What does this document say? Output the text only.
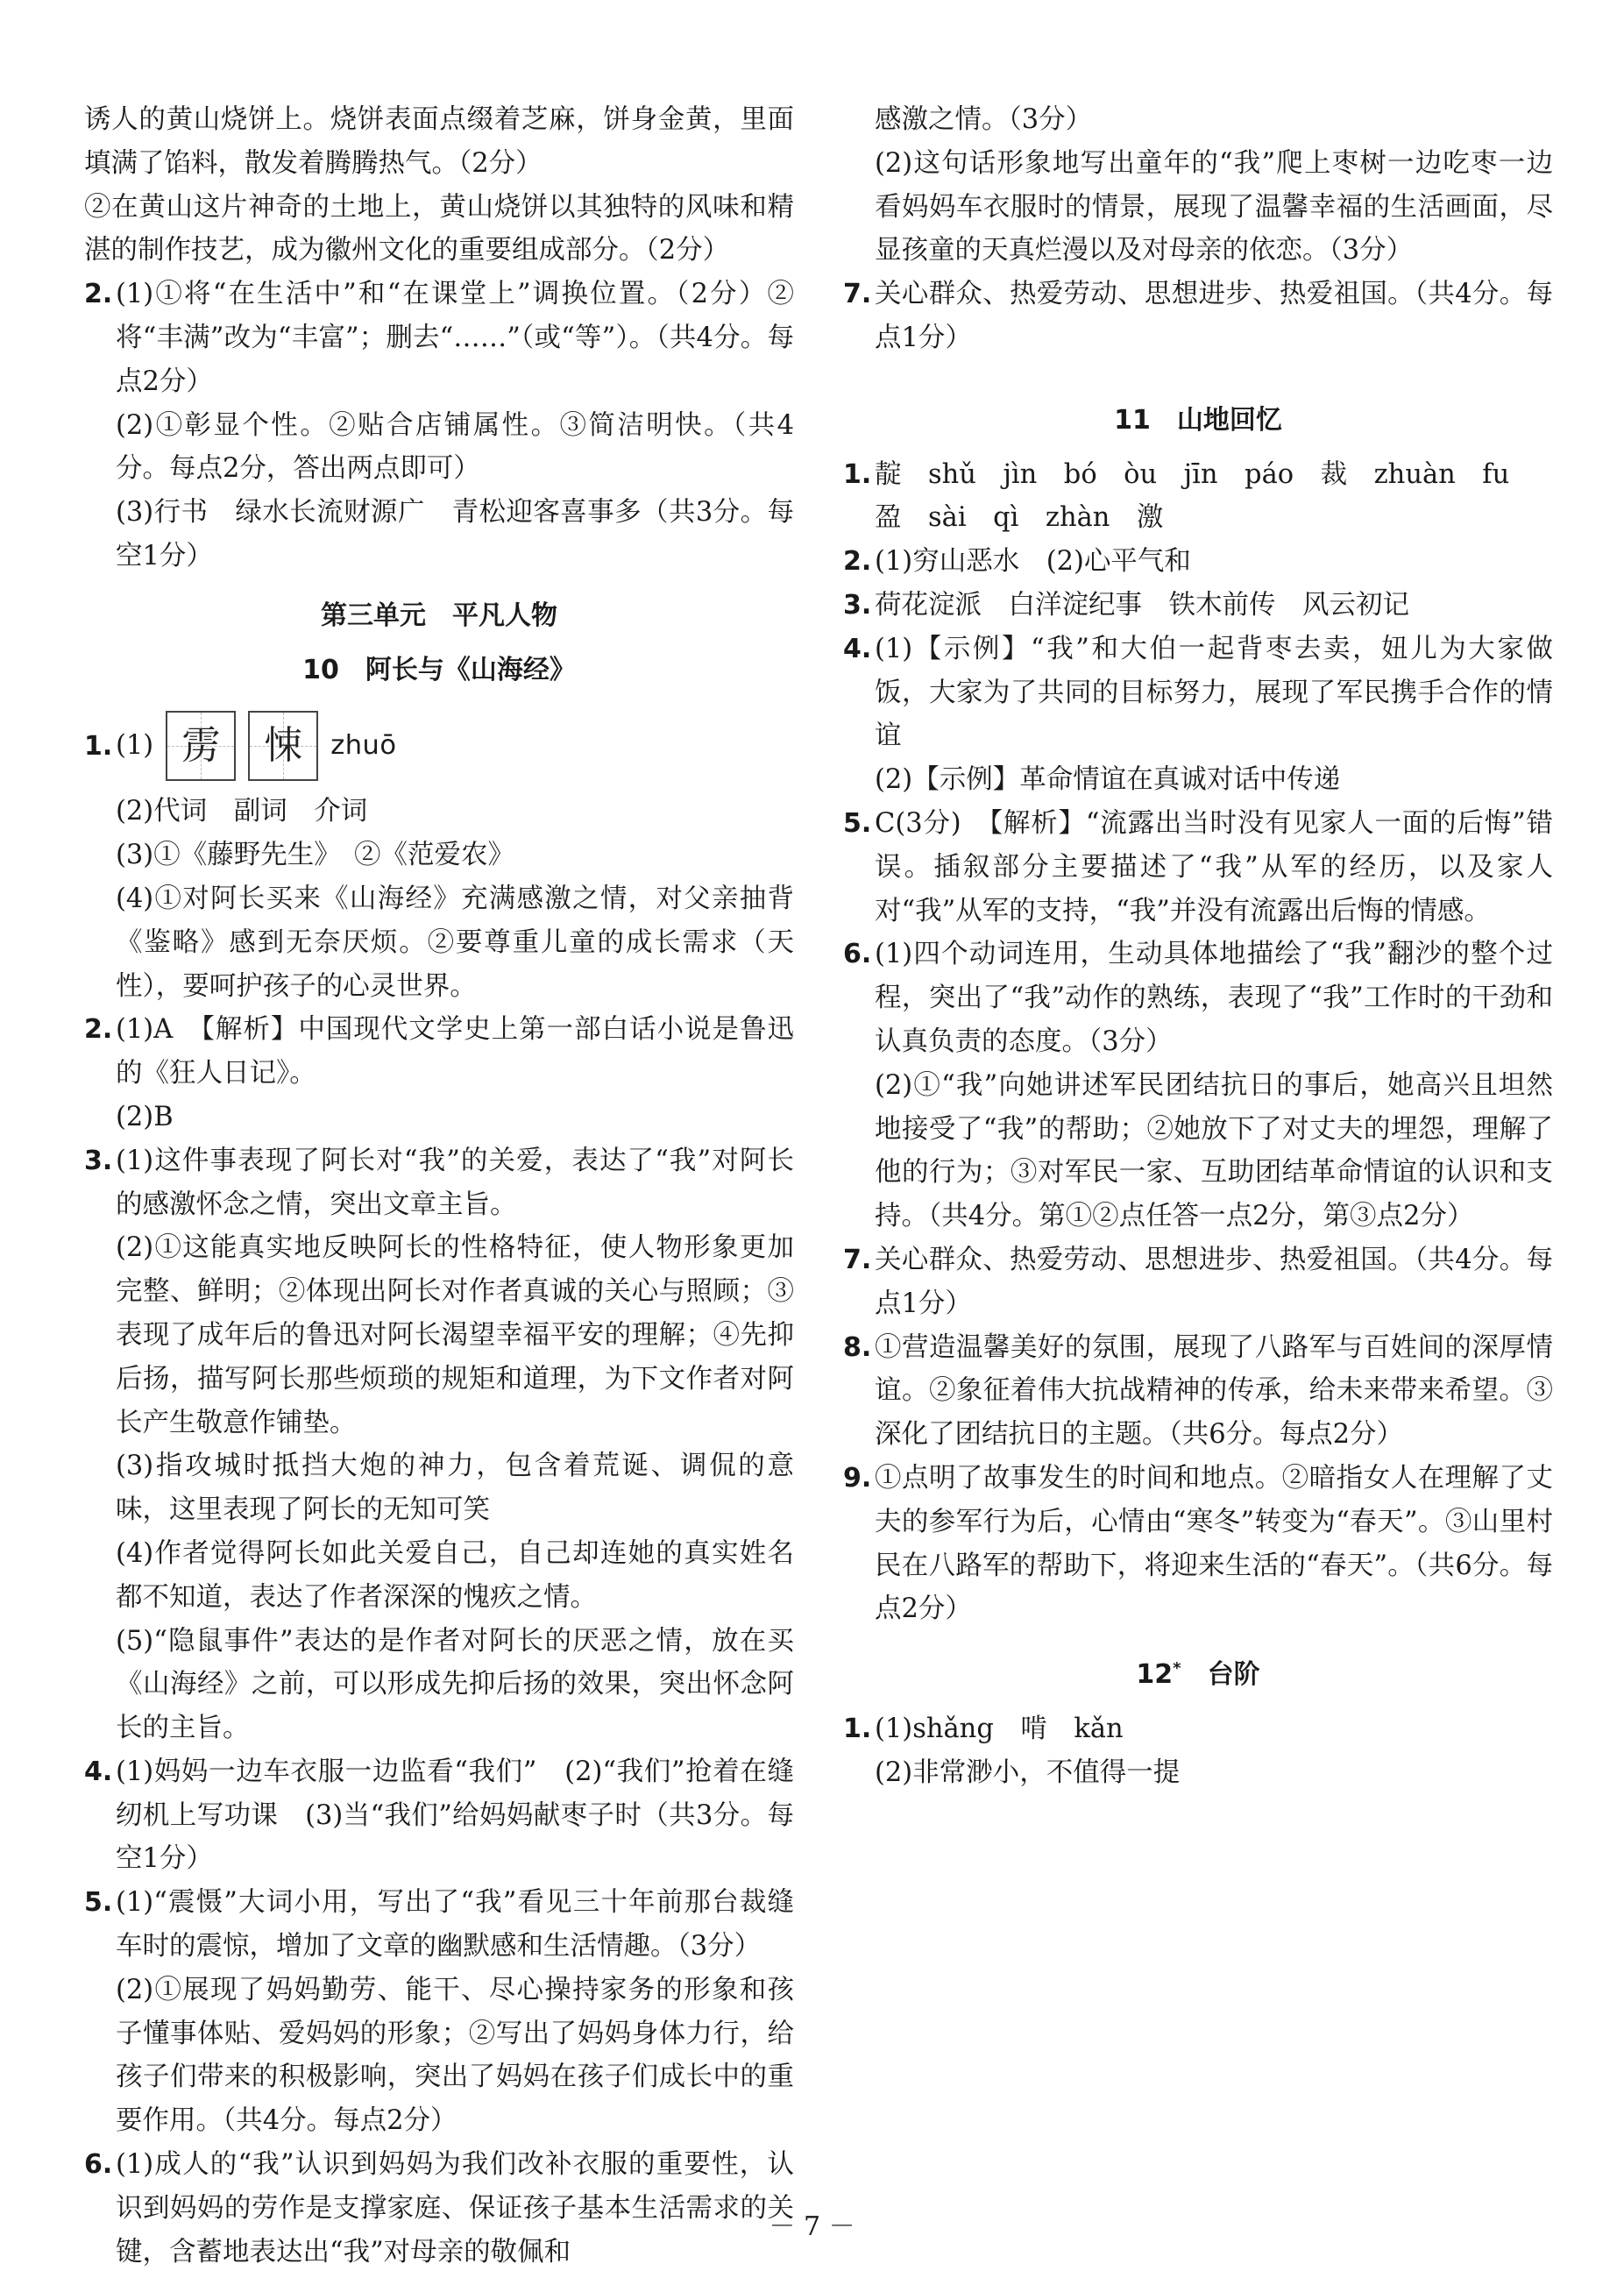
诱人的黄山烧饼上。烧饼表面点缀着芝麻，饼身金黄，里面填满了馅料，散发着腾腾热气。（2分）

②在黄山这片神奇的土地上，黄山烧饼以其独特的风味和精湛的制作技艺，成为徽州文化的重要组成部分。（2分）

2. (1)①将“在生活中”和“在课堂上”调换位置。（2分）②将“丰满”改为“丰富”；删去“……”（或“等”）。（共4分。每点2分）

(2)①彰显个性。②贴合店铺属性。③简洁明快。（共4分。每点2分，答出两点即可）

(3)行书　绿水长流财源广　青松迎客喜事多（共3分。每空1分）

第三单元　平凡人物
10　阿长与《山海经》
1. (1) 雳 悚 zhuō

(2)代词　副词　介词

(3)①《藤野先生》　②《范爱农》

(4)①对阿长买来《山海经》充满感激之情，对父亲抽背《鉴略》感到无奈厌烦。②要尊重儿童的成长需求（天性），要呵护孩子的心灵世界。

2. (1)A　【解析】中国现代文学史上第一部白话小说是鲁迅的《狂人日记》。

(2)B

3. (1)这件事表现了阿长对“我”的关爱，表达了“我”对阿长的感激怀念之情，突出文章主旨。

(2)①这能真实地反映阿长的性格特征，使人物形象更加完整、鲜明；②体现出阿长对作者真诚的关心与照顾；③表现了成年后的鲁迅对阿长渴望幸福平安的理解；④先抑后扬，描写阿长那些烦琐的规矩和道理，为下文作者对阿长产生敬意作铺垫。

(3)指攻城时抵挡大炮的神力，包含着荒诞、调侃的意味，这里表现了阿长的无知可笑

(4)作者觉得阿长如此关爱自己，自己却连她的真实姓名都不知道，表达了作者深深的愧疚之情。

(5)“隐鼠事件”表达的是作者对阿长的厌恶之情，放在买《山海经》之前，可以形成先抑后扬的效果，突出怀念阿长的主旨。

4. (1)妈妈一边车衣服一边监看“我们”　(2)“我们”抢着在缝纫机上写功课　(3)当“我们”给妈妈献枣子时（共3分。每空1分）

5. (1)“震慑”大词小用，写出了“我”看见三十年前那台裁缝车时的震惊，增加了文章的幽默感和生活情趣。（3分）

(2)①展现了妈妈勤劳、能干、尽心操持家务的形象和孩子懂事体贴、爱妈妈的形象；②写出了妈妈身体力行，给孩子们带来的积极影响，突出了妈妈在孩子们成长中的重要作用。（共4分。每点2分）

6. (1)成人的“我”认识到妈妈为我们改补衣服的重要性，认识到妈妈的劳作是支撑家庭、保证孩子基本生活需求的关键，含蓄地表达出“我”对母亲的敬佩和

感激之情。（3分）

(2)这句话形象地写出童年的“我”爬上枣树一边吃枣一边看妈妈车衣服时的情景，展现了温馨幸福的生活画面，尽显孩童的天真烂漫以及对母亲的依恋。（3分）

7. 关心群众、热爱劳动、思想进步、热爱祖国。（共4分。每点1分）

11　山地回忆
1. 靛　shǔ　jìn　bó　òu　jīn　páo　裁　zhuàn　fu

盈　sài　qì　zhàn　激

2. (1)穷山恶水　(2)心平气和

3. 荷花淀派　白洋淀纪事　铁木前传　风云初记

4. (1)【示例】“我”和大伯一起背枣去卖，妞儿为大家做饭，大家为了共同的目标努力，展现了军民携手合作的情谊

(2)【示例】革命情谊在真诚对话中传递

5. C(3分)　【解析】“流露出当时没有见家人一面的后悔”错误。插叙部分主要描述了“我”从军的经历，以及家人对“我”从军的支持，“我”并没有流露出后悔的情感。

6. (1)四个动词连用，生动具体地描绘了“我”翻沙的整个过程，突出了“我”动作的熟练，表现了“我”工作时的干劲和认真负责的态度。（3分）

(2)①“我”向她讲述军民团结抗日的事后，她高兴且坦然地接受了“我”的帮助；②她放下了对丈夫的埋怨，理解了他的行为；③对军民一家、互助团结革命情谊的认识和支持。（共4分。第①②点任答一点2分，第③点2分）

7. 关心群众、热爱劳动、思想进步、热爱祖国。（共4分。每点1分）

8. ①营造温馨美好的氛围，展现了八路军与百姓间的深厚情谊。②象征着伟大抗战精神的传承，给未来带来希望。③深化了团结抗日的主题。（共6分。每点2分）

9. ①点明了故事发生的时间和地点。②暗指女人在理解了丈夫的参军行为后，心情由“寒冬”转变为“春天”。③山里村民在八路军的帮助下，将迎来生活的“春天”。（共6分。每点2分）

12*　台阶
1. (1)shǎng　啃　kǎn

(2)非常渺小，不值得一提

－ 7 －
